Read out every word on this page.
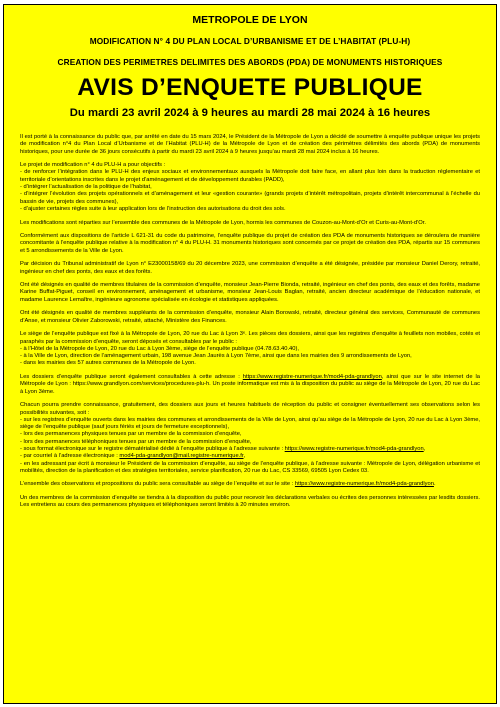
METROPOLE DE LYON
MODIFICATION N° 4 DU PLAN LOCAL D’URBANISME ET DE L’HABITAT (PLU-H)
CREATION DES PERIMETRES DELIMITES DES ABORDS (PDA) DE MONUMENTS HISTORIQUES
AVIS D’ENQUETE PUBLIQUE
Du mardi 23 avril 2024 à 9 heures au mardi 28 mai 2024 à 16 heures

Il est porté à la connaissance du public que, par arrêté en date du 15 mars 2024, le Président de la Métropole de Lyon a décidé de soumettre à enquête publique unique les projets de modification n°4 du Plan Local d’Urbanisme et de l’Habitat (PLU-H) de la Métropole de Lyon et de création des périmètres délimités des abords (PDA) de monuments historiques, pour une durée de 36 jours consécutifs à partir du mardi 23 avril 2024 à 9 heures jusqu’au mardi 28 mai 2024 inclus à 16 heures.

Le projet de modification n° 4 du PLU-H a pour objectifs :
- de renforcer l’intégration dans le PLU-H des enjeux sociaux et environnementaux auxquels la Métropole doit faire face, en allant plus loin dans la traduction réglementaire et territoriale d’orientations inscrites dans le projet d’aménagement et de développement durables (PADD),
- d’intégrer l’actualisation de la politique de l’habitat,
- d’intégrer l’évolution des projets opérationnels et d’aménagement et leur «gestion courante» (grands projets d’intérêt métropolitain, projets d’intérêt intercommunal à l’échelle du bassin de vie, projets des communes),
- d’ajuster certaines règles suite à leur application lors de l’instruction des autorisations du droit des sols.

Les modifications sont réparties sur l’ensemble des communes de la Métropole de Lyon, hormis les communes de Couzon-au-Mont-d’Or et Curis-au-Mont-d’Or.

Conformément aux dispositions de l’article L 621-31 du code du patrimoine, l’enquête publique du projet de création des PDA de monuments historiques se déroulera de manière concomitante à l’enquête publique relative à la modification n° 4 du PLU-H. 31 monuments historiques sont concernés par ce projet de création des PDA, répartis sur 15 communes et 5 arrondissements de la Ville de Lyon.

Par décision du Tribunal administratif de Lyon n° E23000158/69 du 20 décembre 2023, une commission d’enquête a été désignée, présidée par monsieur Daniel Derory, retraité, ingénieur en chef des ponts, des eaux et des forêts.

Ont été désignés en qualité de membres titulaires de la commission d’enquête, monsieur Jean-Pierre Bionda, retraité, ingénieur en chef des ponts, des eaux et des forêts, madame Karine Buffat-Piguet, conseil en environnement, aménagement et urbanisme, monsieur Jean-Louis Baglan, retraité, ancien directeur académique de l’éducation nationale, et madame Laurence Lemaître, ingénieure agronome spécialisée en écologie et statistiques appliquées.

Ont été désignés en qualité de membres suppléants de la commission d’enquête, monsieur Alain Borowski, retraité, directeur général des services, Communauté de communes d’Anse, et monsieur Olivier Zaborowski, retraité, attaché, Ministère des Finances.

Le siège de l’enquête publique est fixé à la Métropole de Lyon, 20 rue du Lac à Lyon 3ᵉ. Les pièces des dossiers, ainsi que les registres d’enquête à feuillets non mobiles, cotés et paraphés par la commission d’enquête, seront déposés et consultables par le public :
- à l’Hôtel de la Métropole de Lyon, 20 rue du Lac à Lyon 3ème, siège de l’enquête publique (04.78.63.40.40),
- à la Ville de Lyon, direction de l’aménagement urbain, 198 avenue Jean Jaurès à Lyon 7ème, ainsi que dans les mairies des 9 arrondissements de Lyon,
- dans les mairies des 57 autres communes de la Métropole de Lyon.

Les dossiers d’enquête publique seront également consultables à cette adresse : https://www.registre-numerique.fr/mod4-pda-grandlyon, ainsi que sur le site internet de la Métropole de Lyon : https://www.grandlyon.com/services/procedures-plu-h. Un poste informatique est mis à la disposition du public au siège de la Métropole de Lyon, 20 rue du Lac à Lyon 3ème.

Chacun pourra prendre connaissance, gratuitement, des dossiers aux jours et heures habituels de réception du public et consigner éventuellement ses observations selon les possibilités suivantes, soit :
- sur les registres d’enquête ouverts dans les mairies des communes et arrondissements de la Ville de Lyon, ainsi qu’au siège de la Métropole de Lyon, 20 rue du Lac à Lyon 3ème, siège de l’enquête publique (sauf jours fériés et jours de fermeture exceptionnels),
- lors des permanences physiques tenues par un membre de la commission d’enquête,
- lors des permanences téléphoniques tenues par un membre de la commission d’enquête,
- sous format électronique sur le registre dématérialisé dédié à l’enquête publique à l’adresse suivante : https://www.registre-numerique.fr/mod4-pda-grandlyon,
- par courriel à l’adresse électronique : mod4-pda-grandlyon@mail.registre-numerique.fr,
- en les adressant par écrit à monsieur le Président de la commission d’enquête, au siège de l’enquête publique, à l’adresse suivante : Métropole de Lyon, délégation urbanisme et mobilités, direction de la planification et des stratégies territoriales, service planification, 20 rue du Lac, CS 33569, 69505 Lyon Cedex 03.

L’ensemble des observations et propositions du public sera consultable au siège de l’enquête et sur le site : https://www.registre-numerique.fr/mod4-pda-grandlyon.

Un des membres de la commission d’enquête se tiendra à la disposition du public pour recevoir les déclarations verbales ou écrites des personnes intéressées par lesdits dossiers. Les entretiens au cours des permanences physiques et téléphoniques seront limités à 20 minutes environ.
